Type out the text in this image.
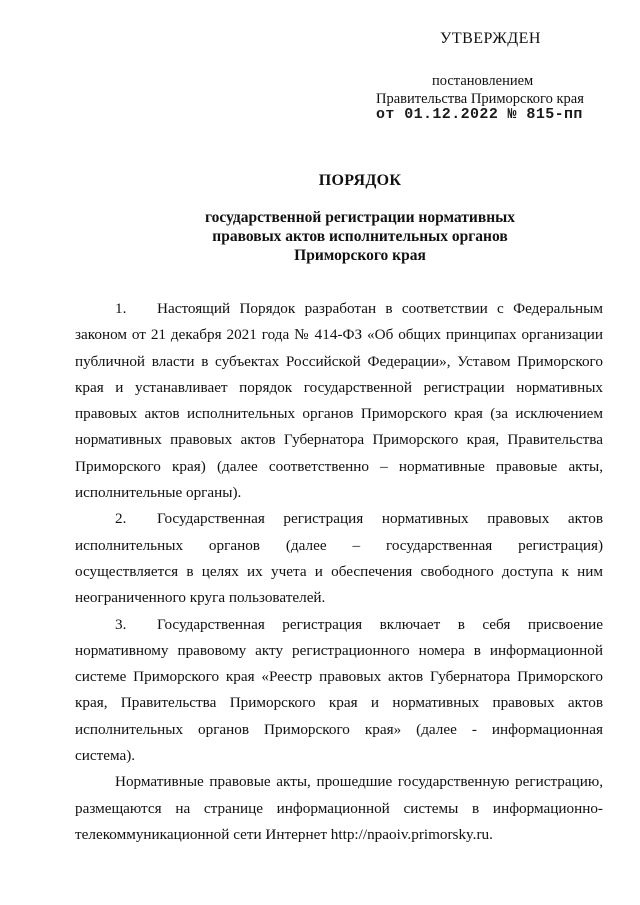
УТВЕРЖДЕН
постановлением
Правительства Приморского края
от 01.12.2022 № 815-пп
ПОРЯДОК
государственной регистрации нормативных
правовых актов исполнительных органов
Приморского края
1. Настоящий Порядок разработан в соответствии с Федеральным
законом от 21 декабря 2021 года № 414-ФЗ «Об общих принципах организации
публичной власти в субъектах Российской Федерации», Уставом Приморского
края и устанавливает порядок государственной регистрации нормативных
правовых актов исполнительных органов Приморского края (за исключением
нормативных правовых актов Губернатора Приморского края, Правительства
Приморского края) (далее соответственно – нормативные правовые акты,
исполнительные органы).
2. Государственная регистрация нормативных правовых актов
исполнительных органов (далее – государственная регистрация)
осуществляется в целях их учета и обеспечения свободного доступа к ним
неограниченного круга пользователей.
3. Государственная регистрация включает в себя присвоение
нормативному правовому акту регистрационного номера в информационной
системе Приморского края «Реестр правовых актов Губернатора Приморского
края, Правительства Приморского края и нормативных правовых актов
исполнительных органов Приморского края» (далее - информационная
система).
Нормативные правовые акты, прошедшие государственную регистрацию,
размещаются на странице информационной системы в информационно-
телекоммуникационной сети Интернет http://npaoiv.primorsky.ru.
